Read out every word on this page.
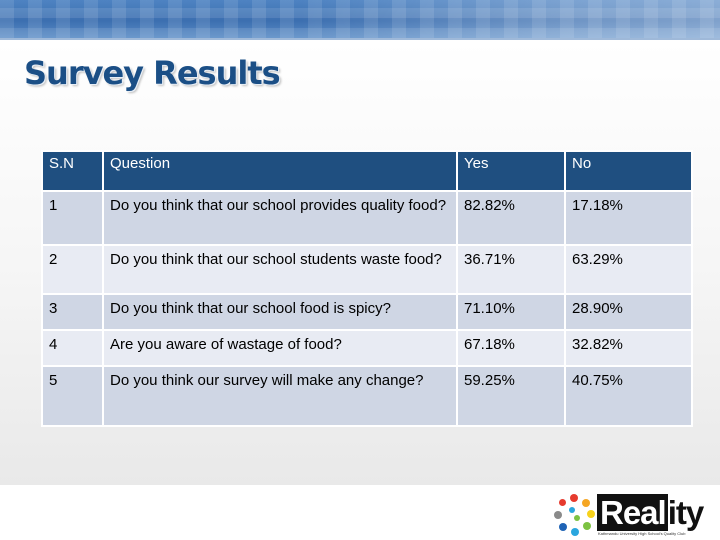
Survey Results
S.N	Question	Yes	No
1	Do you think that our school provides quality food?	82.82%	17.18%
2	Do you think that our school students waste food?	36.71%	63.29%
3	Do you think that our school food is spicy?	71.10%	28.90%
4	Are you aware of wastage of food?	67.18%	32.82%
5	Do you think our survey will make any change?	59.25%	40.75%
Reality
Kathmandu University High School's Quality Club
